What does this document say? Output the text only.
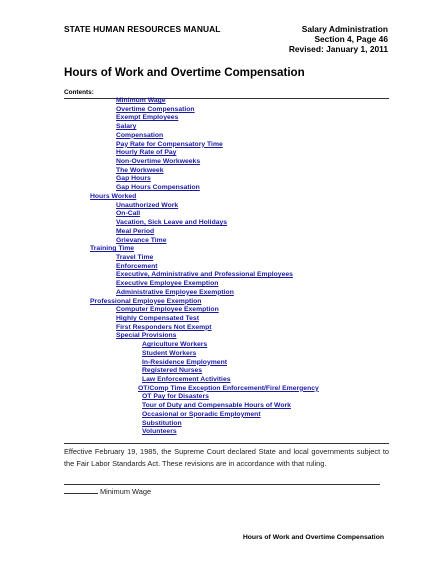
STATE HUMAN RESOURCES MANUAL	Salary Administration
Section 4, Page 46
Revised: January 1, 2011
Hours of Work and Overtime Compensation
Contents:
Minimum Wage
Overtime Compensation
Exempt Employees
Salary
Compensation
Pay Rate for Compensatory Time
Hourly Rate of Pay
Non-Overtime Workweeks
The Workweek
Gap Hours
Gap Hours Compensation
Hours Worked
Unauthorized Work
On-Call
Vacation, Sick Leave and Holidays
Meal Period
Grievance Time
Training Time
Travel Time
Enforcement
Executive, Administrative and Professional Employees
Executive Employee Exemption
Administrative Employee Exemption
Professional Employee Exemption
Computer Employee Exemption
Highly Compensated Test
First Responders Not Exempt
Special Provisions
Agriculture Workers
Student Workers
In-Residence Employment
Registered Nurses
Law Enforcement Activities
OT/Comp Time Exception Enforcement/Fire/ Emergency
OT Pay for Disasters
Tour of Duty and Compensable Hours of Work
Occasional or Sporadic Employment
Substitution
Volunteers
Effective February 19, 1985, the Supreme Court declared State and local governments subject to the Fair Labor Standards Act. These revisions are in accordance with that ruling.
Minimum Wage
Hours of Work and Overtime Compensation
